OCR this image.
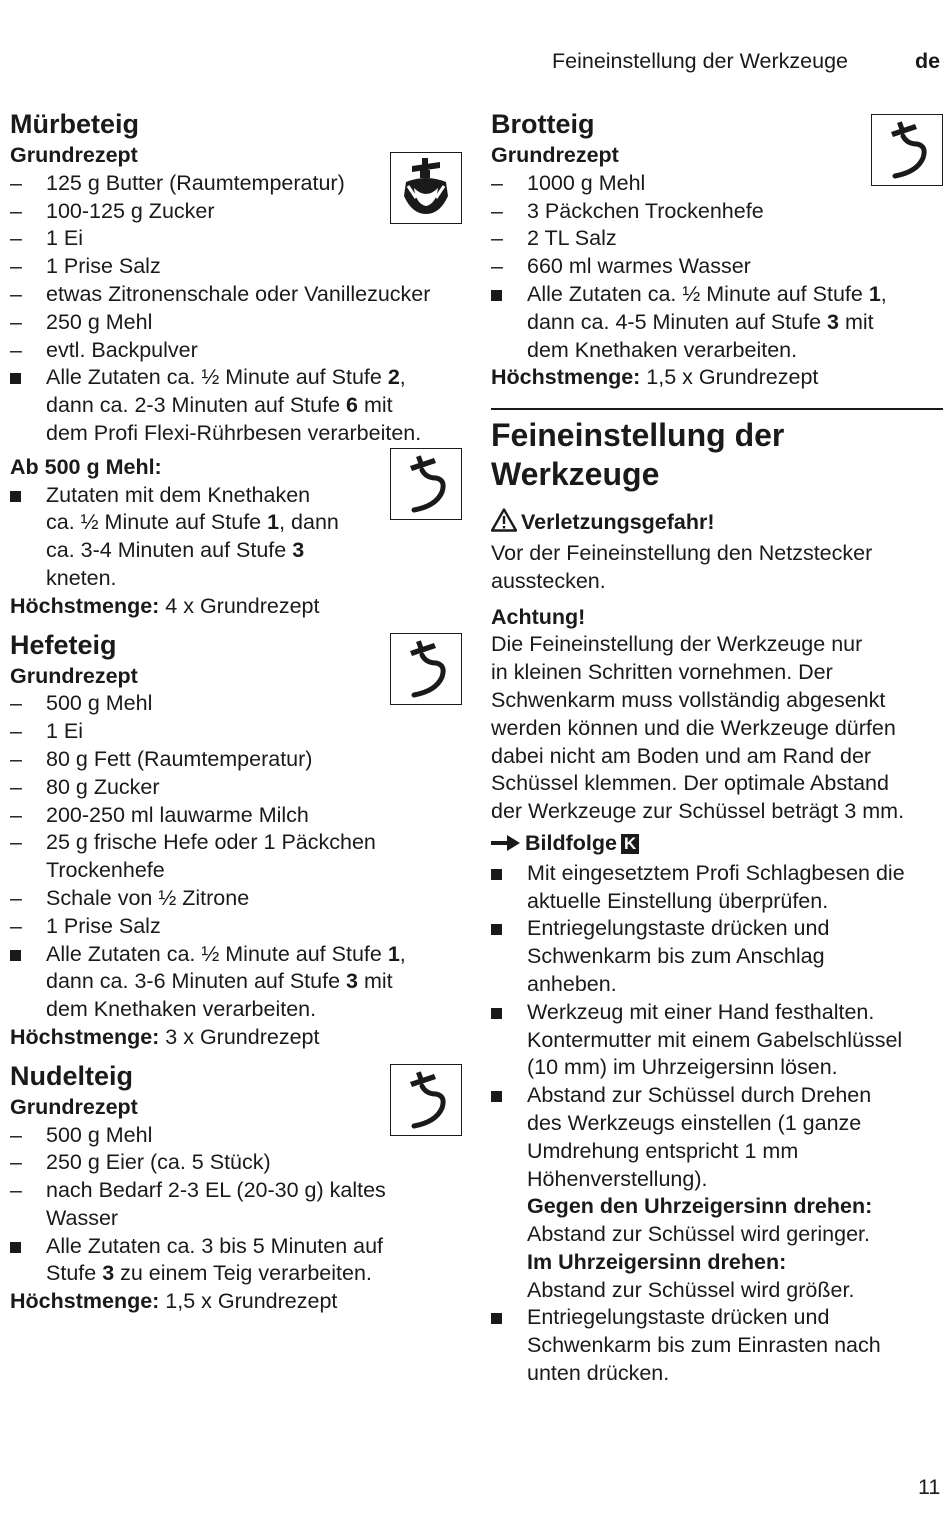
Feineinstellung der Werkzeuge	de
Mürbeteig
Grundrezept
–	125 g Butter (Raumtemperatur)
–	100-125 g Zucker
–	1 Ei
–	1 Prise Salz
–	etwas Zitronenschale oder Vanillezucker
–	250 g Mehl
–	evtl. Backpulver
Alle Zutaten ca. ½ Minute auf Stufe 2,
dann ca. 2-3 Minuten auf Stufe 6 mit
dem Profi Flexi-Rührbesen verarbeiten.
Ab 500 g Mehl:
Zutaten mit dem Knethaken
ca. ½ Minute auf Stufe 1, dann
ca. 3-4 Minuten auf Stufe 3
kneten.
Höchstmenge: 4 x Grundrezept
Hefeteig
Grundrezept
–	500 g Mehl
–	1 Ei
–	80 g Fett (Raumtemperatur)
–	80 g Zucker
–	200-250 ml lauwarme Milch
–	25 g frische Hefe oder 1 Päckchen
Trockenhefe
–	Schale von ½ Zitrone
–	1 Prise Salz
Alle Zutaten ca. ½ Minute auf Stufe 1,
dann ca. 3-6 Minuten auf Stufe 3 mit
dem Knethaken verarbeiten.
Höchstmenge: 3 x Grundrezept
Nudelteig
Grundrezept
–	500 g Mehl
–	250 g Eier (ca. 5 Stück)
–	nach Bedarf 2-3 EL (20-30 g) kaltes
Wasser
Alle Zutaten ca. 3 bis 5 Minuten auf
Stufe 3 zu einem Teig verarbeiten.
Höchstmenge: 1,5 x Grundrezept
Brotteig
Grundrezept
–	1000 g Mehl
–	3 Päckchen Trockenhefe
–	2 TL Salz
–	660 ml warmes Wasser
Alle Zutaten ca. ½ Minute auf Stufe 1,
dann ca. 4-5 Minuten auf Stufe 3 mit
dem Knethaken verarbeiten.
Höchstmenge: 1,5 x Grundrezept
Feineinstellung der
Werkzeuge
Verletzungsgefahr!
Vor der Feineinstellung den Netzstecker
ausstecken.
Achtung!
Die Feineinstellung der Werkzeuge nur
in kleinen Schritten vornehmen. Der
Schwenkarm muss vollständig abgesenkt
werden können und die Werkzeuge dürfen
dabei nicht am Boden und am Rand der
Schüssel klemmen. Der optimale Abstand
der Werkzeuge zur Schüssel beträgt 3 mm.
Bildfolge K
Mit eingesetztem Profi Schlagbesen die
aktuelle Einstellung überprüfen.
Entriegelungstaste drücken und
Schwenkarm bis zum Anschlag
anheben.
Werkzeug mit einer Hand festhalten.
Kontermutter mit einem Gabelschlüssel
(10 mm) im Uhrzeigersinn lösen.
Abstand zur Schüssel durch Drehen
des Werkzeugs einstellen (1 ganze
Umdrehung entspricht 1 mm
Höhenverstellung).
Gegen den Uhrzeigersinn drehen:
Abstand zur Schüssel wird geringer.
Im Uhrzeigersinn drehen:
Abstand zur Schüssel wird größer.
Entriegelungstaste drücken und
Schwenkarm bis zum Einrasten nach
unten drücken.
11
